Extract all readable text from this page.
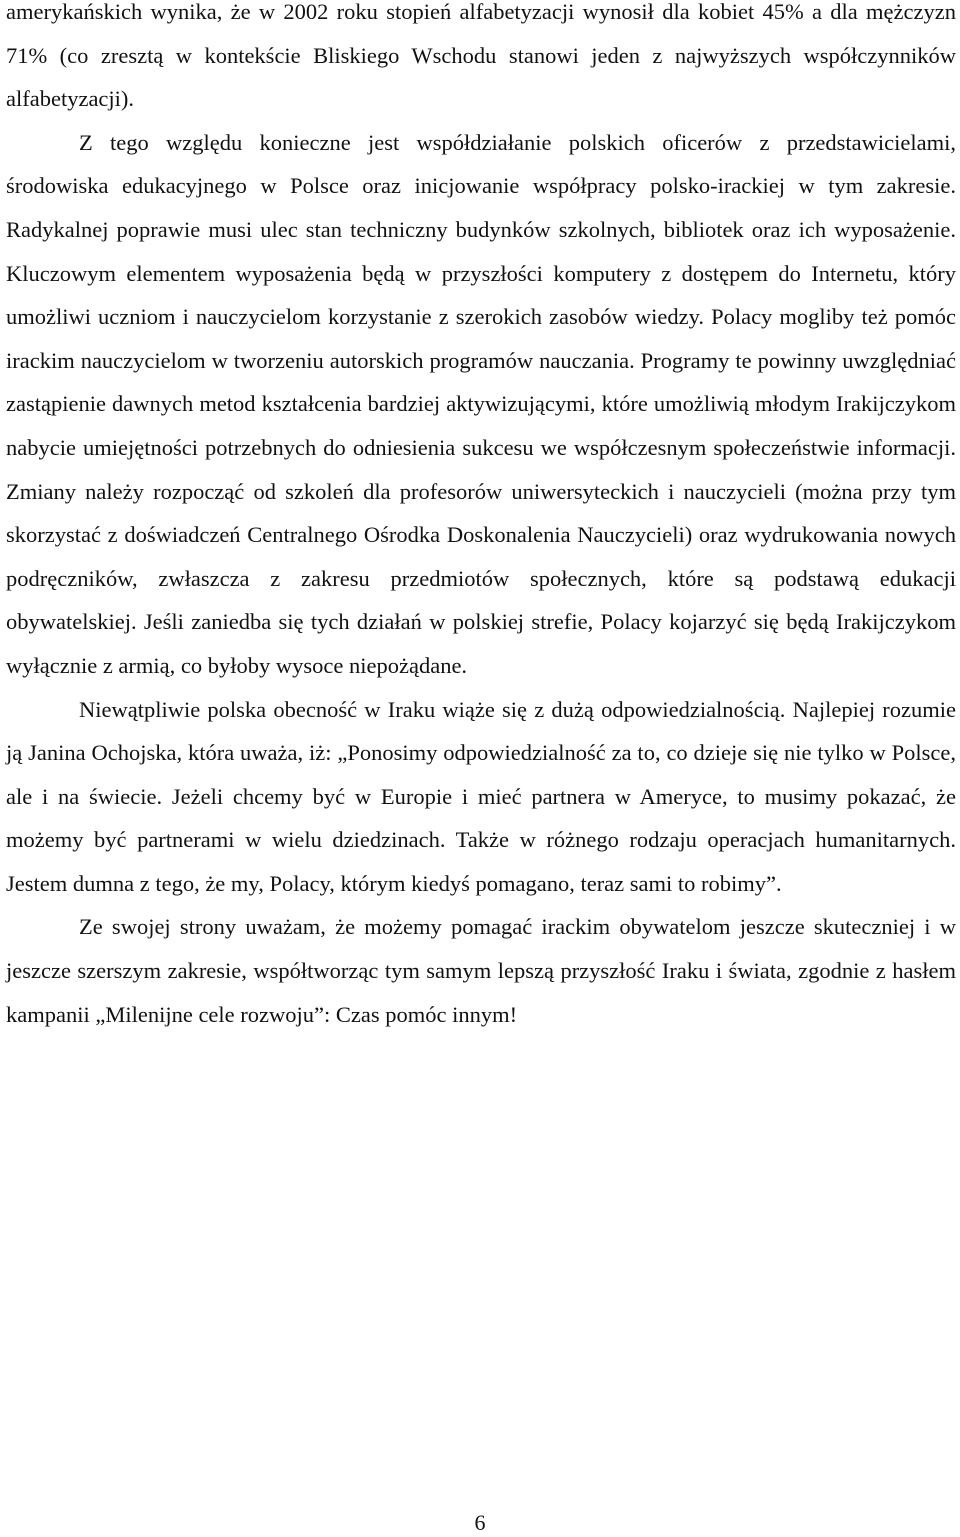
amerykańskich wynika, że w 2002 roku stopień alfabetyzacji wynosił dla kobiet 45% a dla mężczyzn 71% (co zresztą w kontekście Bliskiego Wschodu stanowi jeden z najwyższych współczynników alfabetyzacji).

Z tego względu konieczne jest współdziałanie polskich oficerów z przedstawicielami, środowiska edukacyjnego w Polsce oraz inicjowanie współpracy polsko-irackiej w tym zakresie. Radykalnej poprawie musi ulec stan techniczny budynków szkolnych, bibliotek oraz ich wyposażenie. Kluczowym elementem wyposażenia będą w przyszłości komputery z dostępem do Internetu, który umożliwi uczniom i nauczycielom korzystanie z szerokich zasobów wiedzy. Polacy mogliby też pomóc irackim nauczycielom w tworzeniu autorskich programów nauczania. Programy te powinny uwzględniać zastąpienie dawnych metod kształcenia bardziej aktywizującymi, które umożliwią młodym Irakijczykom nabycie umiejętności potrzebnych do odniesienia sukcesu we współczesnym społeczeństwie informacji. Zmiany należy rozpocząć od szkoleń dla profesorów uniwersyteckich i nauczycieli (można przy tym skorzystać z doświadczeń Centralnego Ośrodka Doskonalenia Nauczycieli) oraz wydrukowania nowych podręczników, zwłaszcza z zakresu przedmiotów społecznych, które są podstawą edukacji obywatelskiej. Jeśli zaniedba się tych działań w polskiej strefie, Polacy kojarzyć się będą Irakijczykom wyłącznie z armią, co byłoby wysoce niepożądane.

Niewątpliwie polska obecność w Iraku wiąże się z dużą odpowiedzialnością. Najlepiej rozumie ją Janina Ochojska, która uważa, iż: „Ponosimy odpowiedzialność za to, co dzieje się nie tylko w Polsce, ale i na świecie. Jeżeli chcemy być w Europie i mieć partnera w Ameryce, to musimy pokazać, że możemy być partnerami w wielu dziedzinach. Także w różnego rodzaju operacjach humanitarnych. Jestem dumna z tego, że my, Polacy, którym kiedyś pomagano, teraz sami to robimy”.

Ze swojej strony uważam, że możemy pomagać irackim obywatelom jeszcze skuteczniej i w jeszcze szerszym zakresie, współtworząc tym samym lepszą przyszłość Iraku i świata, zgodnie z hasłem kampanii „Milenijne cele rozwoju”: Czas pomóc innym!

6
